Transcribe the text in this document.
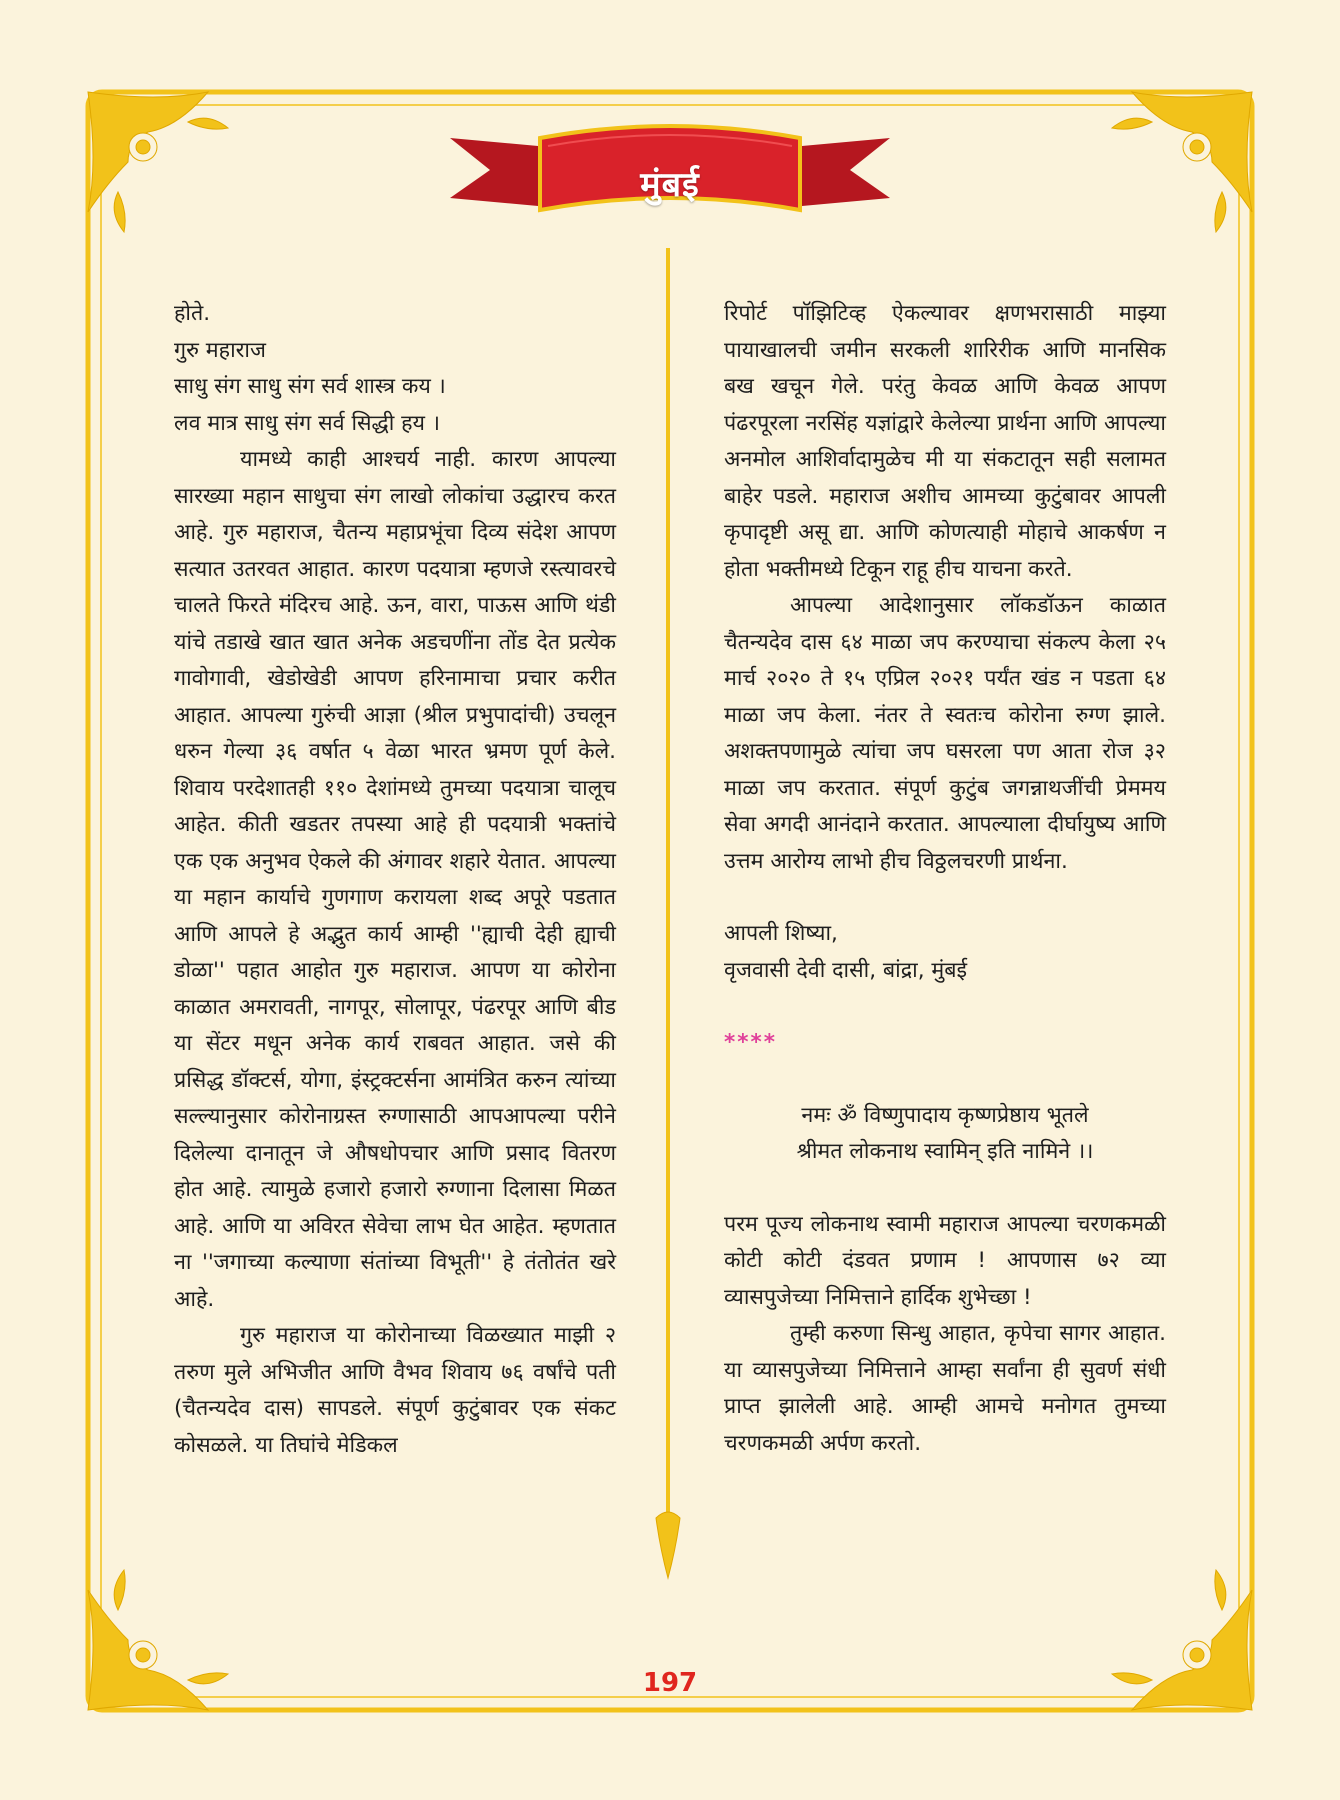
मुंबई

होते.

गुरु महाराज

साधु संग साधु संग सर्व शास्त्र कय ।

लव मात्र साधु संग सर्व सिद्धी हय ।

यामध्ये काही आश्चर्य नाही. कारण आपल्या सारख्या महान साधुचा संग लाखो लोकांचा उद्धारच करत आहे. गुरु महाराज, चैतन्य महाप्रभूंचा दिव्य संदेश आपण सत्यात उतरवत आहात. कारण पदयात्रा म्हणजे रस्त्यावरचे चालते फिरते मंदिरच आहे. ऊन, वारा, पाऊस आणि थंडी यांचे तडाखे खात खात अनेक अडचणींना तोंड देत प्रत्येक गावोगावी, खेडोखेडी आपण हरिनामाचा प्रचार करीत आहात. आपल्या गुरुंची आज्ञा (श्रील प्रभुपादांची) उचलून धरुन गेल्या ३६ वर्षात ५ वेळा भारत भ्रमण पूर्ण केले. शिवाय परदेशातही ११० देशांमध्ये तुमच्या पदयात्रा चालूच आहेत. कीती खडतर तपस्या आहे ही पदयात्री भक्तांचे एक एक अनुभव ऐकले की अंगावर शहारे येतात. आपल्या या महान कार्याचे गुणगाण करायला शब्द अपूरे पडतात आणि आपले हे अद्भुत कार्य आम्ही ''ह्याची देही ह्याची डोळा'' पहात आहोत गुरु महाराज. आपण या कोरोना काळात अमरावती, नागपूर, सोलापूर, पंढरपूर आणि बीड या सेंटर मधून अनेक कार्य राबवत आहात. जसे की प्रसिद्ध डॉक्टर्स, योगा, इंस्ट्रक्टर्सना आमंत्रित करुन त्यांच्या सल्ल्यानुसार कोरोनाग्रस्त रुग्णासाठी आपआपल्या परीने दिलेल्या दानातून जे औषधोपचार आणि प्रसाद वितरण होत आहे. त्यामुळे हजारो हजारो रुग्णाना दिलासा मिळत आहे. आणि या अविरत सेवेचा लाभ घेत आहेत. म्हणतात ना ''जगाच्या कल्याणा संतांच्या विभूती'' हे तंतोतंत खरे आहे.

गुरु महाराज या कोरोनाच्या विळख्यात माझी २ तरुण मुले अभिजीत आणि वैभव शिवाय ७६ वर्षांचे पती (चैतन्यदेव दास) सापडले. संपूर्ण कुटुंबावर एक संकट कोसळले. या तिघांचे मेडिकल

रिपोर्ट पॉझिटिव्ह ऐकल्यावर क्षणभरासाठी माझ्या पायाखालची जमीन सरकली शारिरीक आणि मानसिक बख खचून गेले. परंतु केवळ आणि केवळ आपण पंढरपूरला नरसिंह यज्ञांद्वारे केलेल्या प्रार्थना आणि आपल्या अनमोल आशिर्वादामुळेच मी या संकटातून सही सलामत बाहेर पडले. महाराज अशीच आमच्या कुटुंबावर आपली कृपादृष्टी असू द्या. आणि कोणत्याही मोहाचे आकर्षण न होता भक्तीमध्ये टिकून राहू हीच याचना करते.

आपल्या आदेशानुसार लॉकडॉऊन काळात चैतन्यदेव दास ६४ माळा जप करण्याचा संकल्प केला २५ मार्च २०२० ते १५ एप्रिल २०२१ पर्यंत खंड न पडता ६४ माळा जप केला. नंतर ते स्वतःच कोरोना रुग्ण झाले. अशक्तपणामुळे त्यांचा जप घसरला पण आता रोज ३२ माळा जप करतात. संपूर्ण कुटुंब जगन्नाथजींची प्रेममय सेवा अगदी आनंदाने करतात. आपल्याला दीर्घायुष्य आणि उत्तम आरोग्य लाभो हीच विठ्ठलचरणी प्रार्थना.

आपली शिष्या,

वृजवासी देवी दासी, बांद्रा, मुंबई

****

नमः ॐ विष्णुपादाय कृष्णप्रेष्ठाय भूतले

श्रीमत लोकनाथ स्वामिन् इति नामिने ।।

परम पूज्य लोकनाथ स्वामी महाराज आपल्या चरणकमळी कोटी कोटी दंडवत प्रणाम ! आपणास ७२ व्या व्यासपुजेच्या निमित्ताने हार्दिक शुभेच्छा !

तुम्ही करुणा सिन्धु आहात, कृपेचा सागर आहात. या व्यासपुजेच्या निमित्ताने आम्हा सर्वांना ही सुवर्ण संधी प्राप्त झालेली आहे. आम्ही आमचे मनोगत तुमच्या चरणकमळी अर्पण करतो.

197
